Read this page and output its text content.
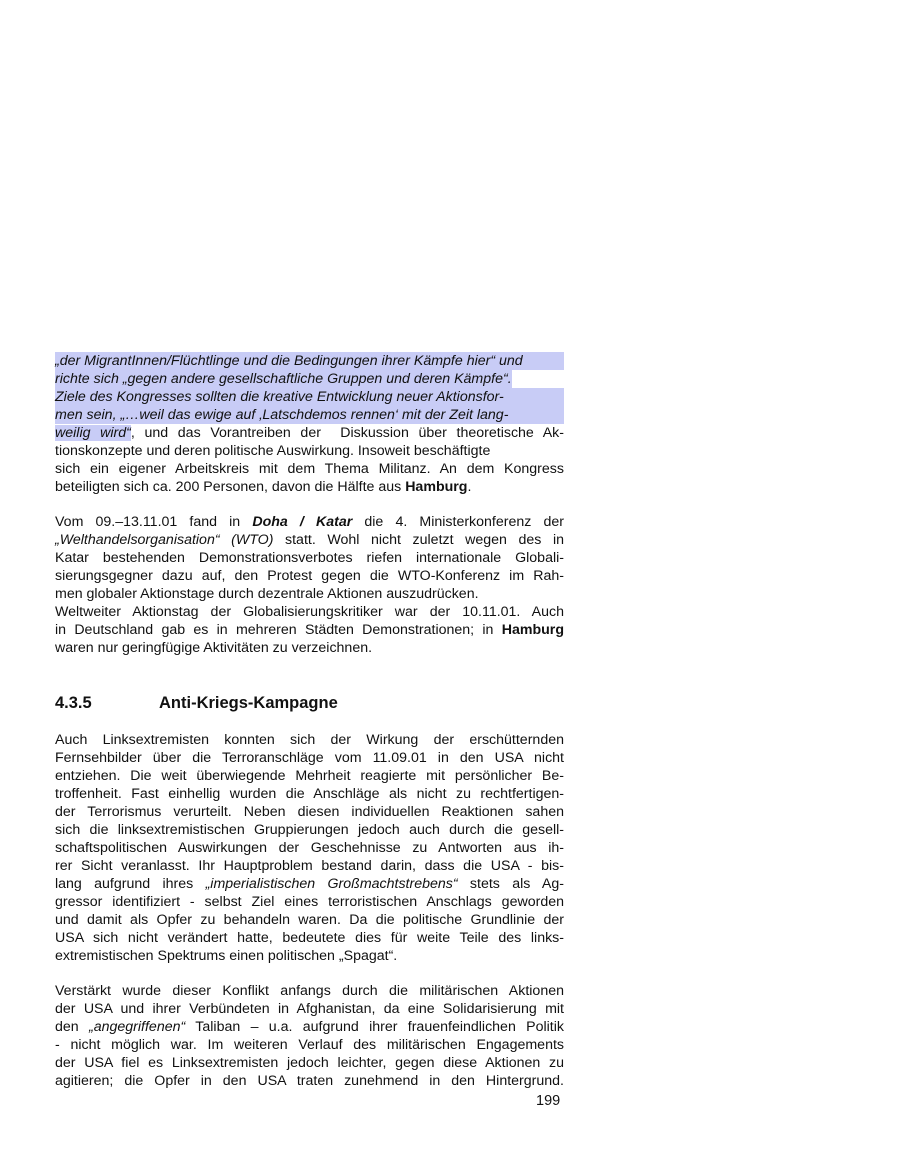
„der MigrantInnen/Flüchtlinge und die Bedingungen ihrer Kämpfe hier“ und
richte sich „gegen andere gesellschaftliche Gruppen und deren Kämpfe“.
Ziele des Kongresses sollten die kreative Entwicklung neuer Aktionsfor-
men sein, „…weil das ewige auf ‚Latschdemos rennen‘ mit der Zeit lang-
weilig wird“, und das Vorantreiben der  Diskussion über theoretische Ak-
tionskonzepte und deren politische Auswirkung. Insoweit beschäftigte
sich ein eigener Arbeitskreis mit dem Thema Militanz. An dem Kongress
beteiligten sich ca. 200 Personen, davon die Hälfte aus Hamburg .
Vom 09.–13.11.01 fand in Doha / Katar die 4. Ministerkonferenz der
„Welthandelsorganisation“ (WTO) statt. Wohl nicht zuletzt wegen des in
Katar bestehenden Demonstrationsverbotes riefen internationale Globali-
sierungsgegner dazu auf, den Protest gegen die WTO-Konferenz im Rah-
men globaler Aktionstage durch dezentrale Aktionen auszudrücken.
Weltweiter Aktionstag der Globalisierungskritiker war der 10.11.01. Auch
in Deutschland gab es in mehreren Städten Demonstrationen; in Hamburg
waren nur geringfügige Aktivitäten zu verzeichnen.
4.3.5	Anti-Kriegs-Kampagne
Auch Linksextremisten konnten sich der Wirkung der erschütternden
Fernsehbilder über die Terroranschläge vom 11.09.01 in den USA nicht
entziehen. Die weit überwiegende Mehrheit reagierte mit persönlicher Be-
troffenheit. Fast einhellig wurden die Anschläge als nicht zu rechtfertigen-
der Terrorismus verurteilt. Neben diesen individuellen Reaktionen sahen
sich die linksextremistischen Gruppierungen jedoch auch durch die gesell-
schaftspolitischen Auswirkungen der Geschehnisse zu Antworten aus ih-
rer Sicht veranlasst. Ihr Hauptproblem bestand darin, dass die USA - bis-
lang aufgrund ihres „imperialistischen Großmachtstrebens“ stets als Ag-
gressor identifiziert - selbst Ziel eines terroristischen Anschlags geworden
und damit als Opfer zu behandeln waren. Da die politische Grundlinie der
USA sich nicht verändert hatte, bedeutete dies für weite Teile des links-
extremistischen Spektrums einen politischen „Spagat“.
Verstärkt wurde dieser Konflikt anfangs durch die militärischen Aktionen
der USA und ihrer Verbündeten in Afghanistan, da eine Solidarisierung mit
den „angegriffenen“ Taliban – u.a. aufgrund ihrer frauenfeindlichen Politik
- nicht möglich war. Im weiteren Verlauf des militärischen Engagements
der USA fiel es Linksextremisten jedoch leichter, gegen diese Aktionen zu
agitieren; die Opfer in den USA traten zunehmend in den Hintergrund.
199
